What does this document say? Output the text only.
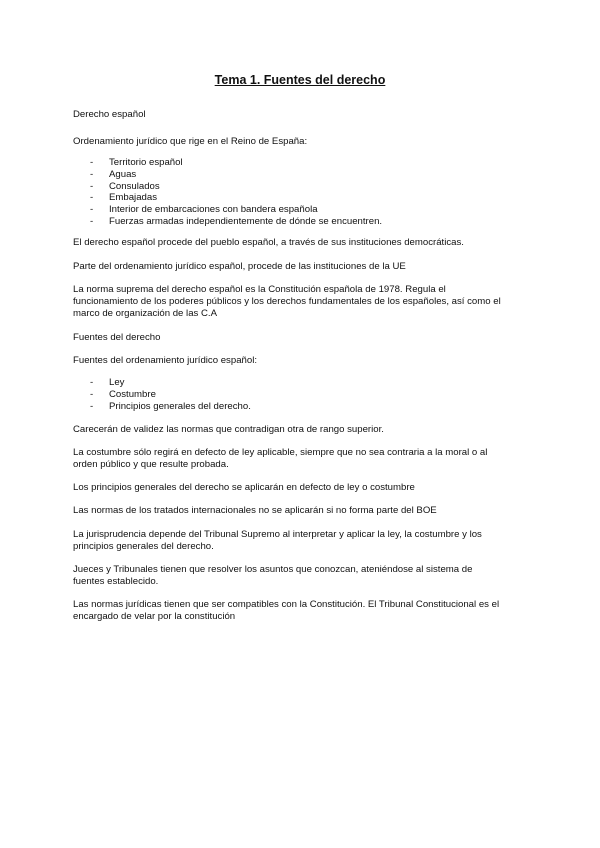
Tema 1. Fuentes del derecho
Derecho español
Ordenamiento jurídico que rige en el Reino de España:
- Territorio español
- Aguas
- Consulados
- Embajadas
- Interior de embarcaciones con bandera española
- Fuerzas armadas independientemente de dónde se encuentren.
El derecho español procede del pueblo español, a través de sus instituciones democráticas.
Parte del ordenamiento jurídico español, procede de las instituciones de la UE
La norma suprema del derecho español es la Constitución española de 1978. Regula el
funcionamiento de los poderes públicos y los derechos fundamentales de los españoles, así como el
marco de organización de las C.A
Fuentes del derecho
Fuentes del ordenamiento jurídico español:
- Ley
- Costumbre
- Principios generales del derecho.
Carecerán de validez las normas que contradigan otra de rango superior.
La costumbre sólo regirá en defecto de ley aplicable, siempre que no sea contraria a la moral o al
orden público y que resulte probada.
Los principios generales del derecho se aplicarán en defecto de ley o costumbre
Las normas de los tratados internacionales no se aplicarán si no forma parte del BOE
La jurisprudencia depende del Tribunal Supremo al interpretar y aplicar la ley, la costumbre y los
principios generales del derecho.
Jueces y Tribunales tienen que resolver los asuntos que conozcan, ateniéndose al sistema de
fuentes establecido.
Las normas jurídicas tienen que ser compatibles con la Constitución. El Tribunal Constitucional es el
encargado de velar por la constitución
